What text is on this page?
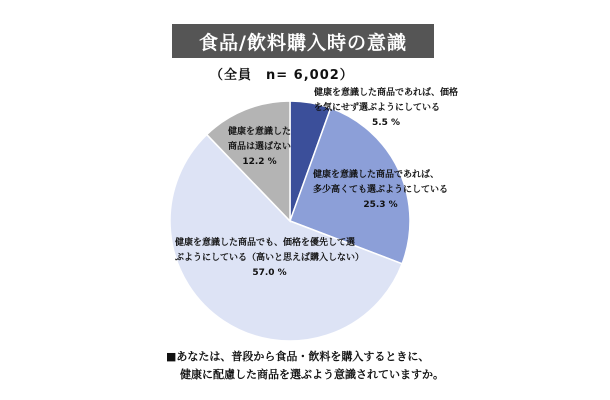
食品/飲料購入時の意識
（全員　n= 6,002）
健康を意識した商品であれば、価格
を気にせず選ぶようにしている
5.5 %
健康を意識した商品であれば、
多少高くても選ぶようにしている
25.3 %
健康を意識した商品でも、価格を優先して選
ぶようにしている（高いと思えば購入しない）
57.0 %
健康を意識した
商品は選ばない
12.2 %
■あなたは、普段から食品・飲料を購入するときに、
健康に配慮した商品を選ぶよう意識されていますか。
